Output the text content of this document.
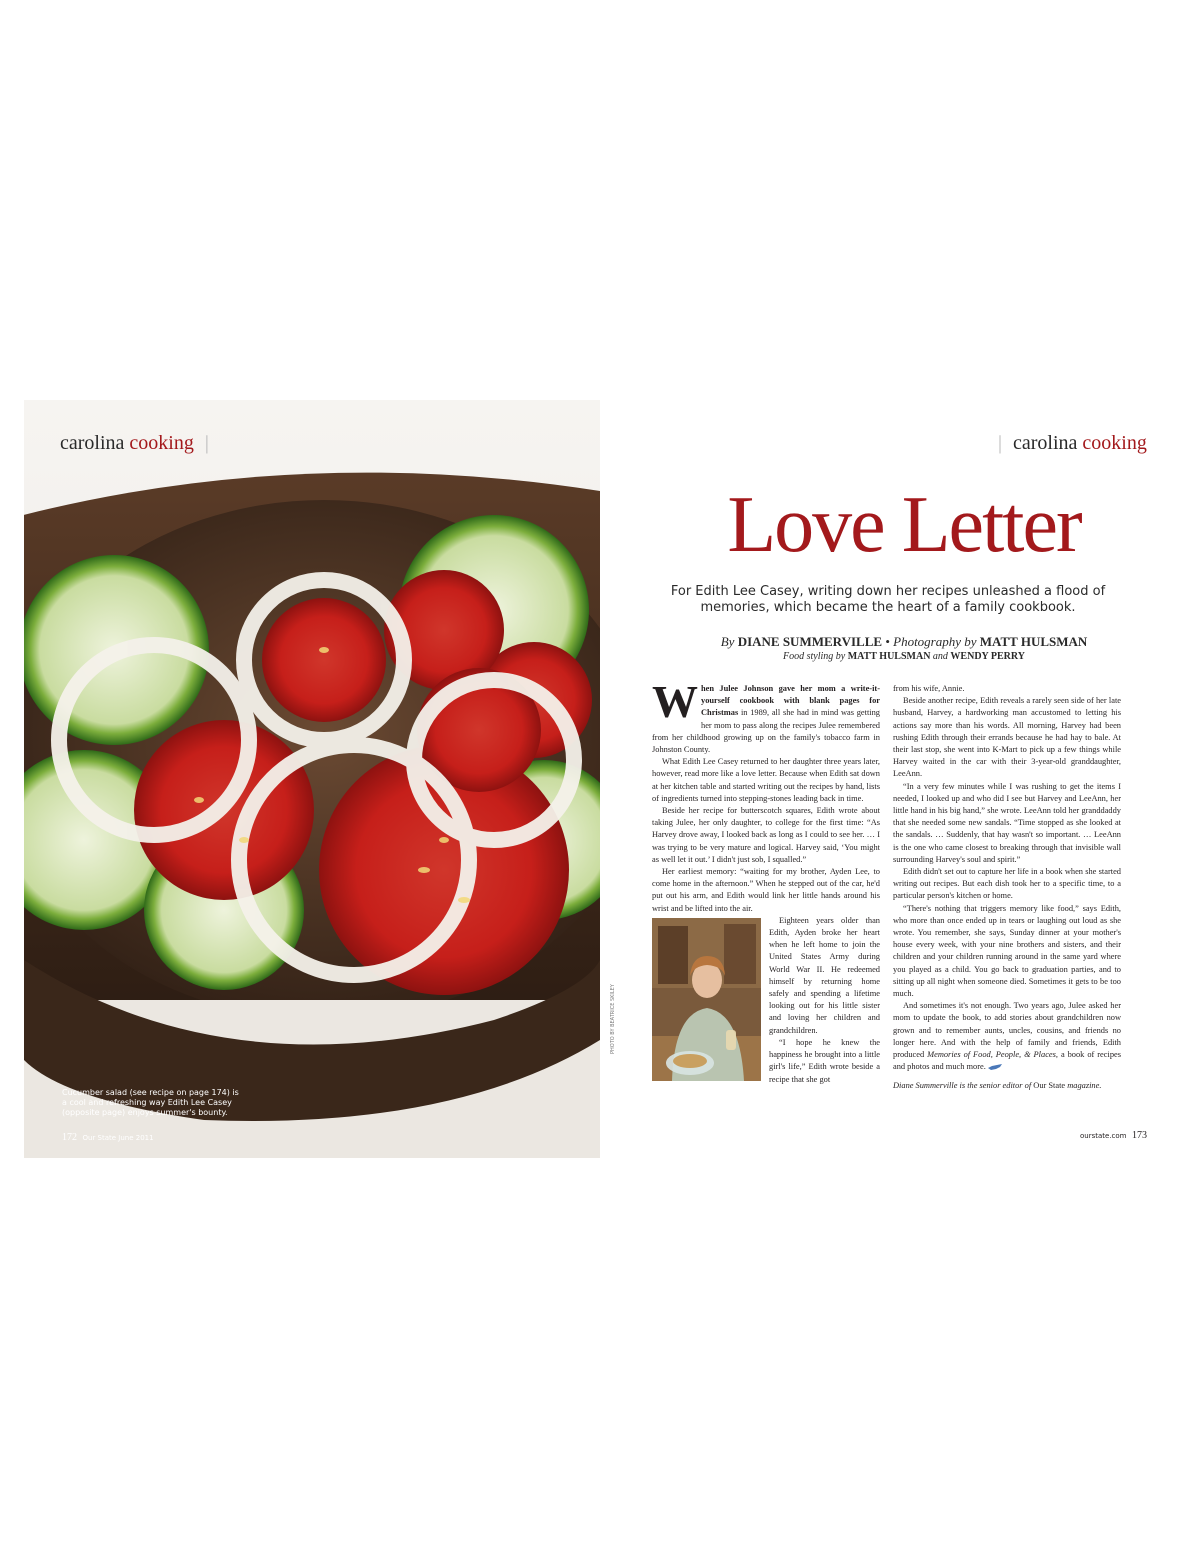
carolina cooking |
Cucumber salad (see recipe on page 174) is a cool and refreshing way Edith Lee Casey (opposite page) enjoys summer's bounty.
172 Our State June 2011
PHOTO BY BEATRICE SKILEY
| carolina cooking
Love Letter
For Edith Lee Casey, writing down her recipes unleashed a flood of memories, which became the heart of a family cookbook.
By DIANE SUMMERVILLE • Photography by MATT HULSMAN
Food styling by MATT HULSMAN and WENDY PERRY

When Julee Johnson gave her mom a write-it-yourself cookbook with blank pages for Christmas in 1989, all she had in mind was getting her mom to pass along the recipes Julee remembered from her childhood growing up on the family's tobacco farm in Johnston County.

What Edith Lee Casey returned to her daughter three years later, however, read more like a love letter. Because when Edith sat down at her kitchen table and started writing out the recipes by hand, lists of ingredients turned into stepping-stones leading back in time.

Beside her recipe for butterscotch squares, Edith wrote about taking Julee, her only daughter, to college for the first time: “As Harvey drove away, I looked back as long as I could to see her. … I was trying to be very mature and logical. Harvey said, ‘You might as well let it out.’ I didn't just sob, I squalled.”

Her earliest memory: “waiting for my brother, Ayden Lee, to come home in the afternoon.” When he stepped out of the car, he'd put out his arm, and Edith would link her little hands around his wrist and be lifted into the air.

Eighteen years older than Edith, Ayden broke her heart when he left home to join the United States Army during World War II. He redeemed himself by returning home safely and spending a lifetime looking out for his little sister and loving her children and grandchildren.

“I hope he knew the happiness he brought into a little girl's life,” Edith wrote beside a recipe that she got

from his wife, Annie.

Beside another recipe, Edith reveals a rarely seen side of her late husband, Harvey, a hardworking man accustomed to letting his actions say more than his words. All morning, Harvey had been rushing Edith through their errands because he had hay to bale. At their last stop, she went into K-Mart to pick up a few things while Harvey waited in the car with their 3-year-old granddaughter, LeeAnn.

“In a very few minutes while I was rushing to get the items I needed, I looked up and who did I see but Harvey and LeeAnn, her little hand in his big hand,” she wrote. LeeAnn told her granddaddy that she needed some new sandals. “Time stopped as she looked at the sandals. … Suddenly, that hay wasn't so important. … LeeAnn is the one who came closest to breaking through that invisible wall surrounding Harvey's soul and spirit.”

Edith didn't set out to capture her life in a book when she started writing out recipes. But each dish took her to a specific time, to a particular person's kitchen or home.

“There's nothing that triggers memory like food,” says Edith, who more than once ended up in tears or laughing out loud as she wrote. You remember, she says, Sunday dinner at your mother's house every week, with your nine brothers and sisters, and their children and your children running around in the same yard where you played as a child. You go back to graduation parties, and to sitting up all night when someone died. Sometimes it gets to be too much.

And sometimes it's not enough. Two years ago, Julee asked her mom to update the book, to add stories about grandchildren now grown and to remember aunts, uncles, cousins, and friends no longer here. And with the help of family and friends, Edith produced Memories of Food, People, & Places, a book of recipes and photos and much more.

Diane Summerville is the senior editor of Our State magazine.

ourstate.com 173
